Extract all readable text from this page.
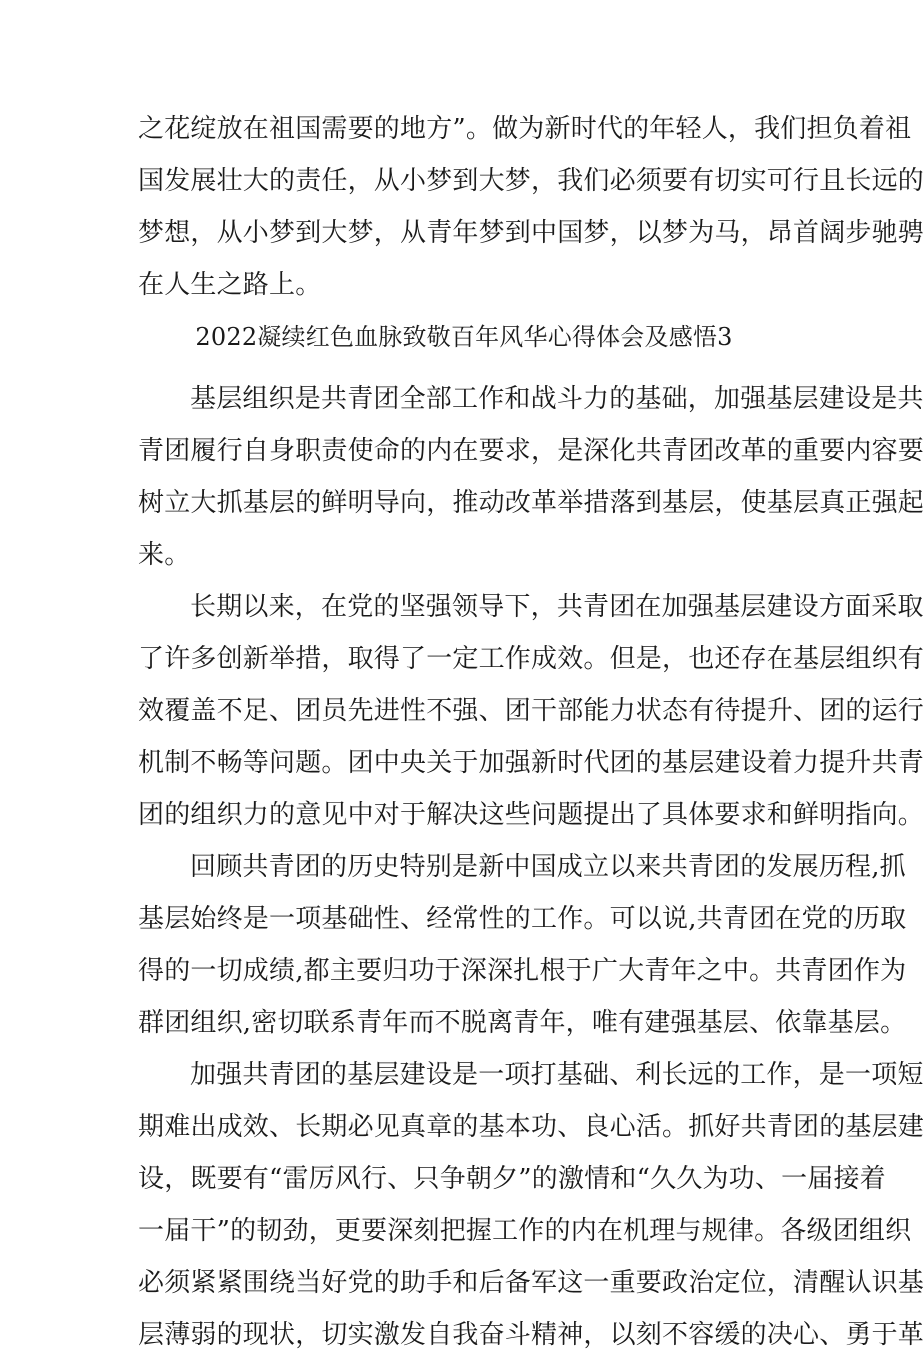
之花绽放在祖国需要的地方”。做为新时代的年轻人，我们担负着祖
国发展壮大的责任，从小梦到大梦，我们必须要有切实可行且长远的
梦想，从小梦到大梦，从青年梦到中国梦，以梦为马，昂首阔步驰骋
在人生之路上。
2022凝续红色血脉致敬百年风华心得体会及感悟3
基层组织是共青团全部工作和战斗力的基础，加强基层建设是共
青团履行自身职责使命的内在要求，是深化共青团改革的重要内容要
树立大抓基层的鲜明导向，推动改革举措落到基层，使基层真正强起
来。
长期以来，在党的坚强领导下，共青团在加强基层建设方面采取
了许多创新举措，取得了一定工作成效。但是，也还存在基层组织有
效覆盖不足、团员先进性不强、团干部能力状态有待提升、团的运行
机制不畅等问题。团中央关于加强新时代团的基层建设着力提升共青
团的组织力的意见中对于解决这些问题提出了具体要求和鲜明指向。
回顾共青团的历史特别是新中国成立以来共青团的发展历程,抓
基层始终是一项基础性、经常性的工作。可以说,共青团在党的历取
得的一切成绩,都主要归功于深深扎根于广大青年之中。共青团作为
群团组织,密切联系青年而不脱离青年，唯有建强基层、依靠基层。
加强共青团的基层建设是一项打基础、利长远的工作，是一项短
期难出成效、长期必见真章的基本功、良心活。抓好共青团的基层建
设，既要有“雷厉风行、只争朝夕”的激情和“久久为功、一届接着
一届干”的韧劲，更要深刻把握工作的内在机理与规律。各级团组织
必须紧紧围绕当好党的助手和后备军这一重要政治定位，清醒认识基
层薄弱的现状，切实激发自我奋斗精神，以刻不容缓的决心、勇于革
